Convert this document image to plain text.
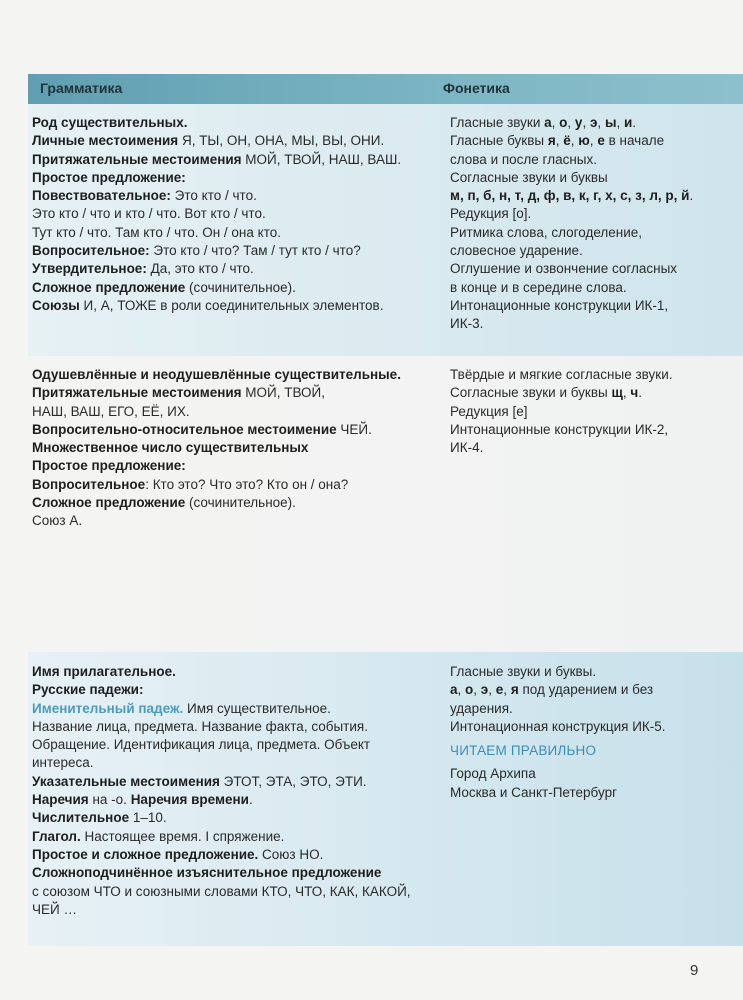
Грамматика	Фонетика

Род существительных.

Личные местоимения Я, ТЫ, ОН, ОНА, МЫ, ВЫ, ОНИ.

Притяжательные местоимения МОЙ, ТВОЙ, НАШ, ВАШ.

Простое предложение:

Повествовательное: Это кто / что.

Это кто / что и кто / что. Вот кто / что.

Тут кто / что. Там кто / что. Он / она кто.

Вопросительное: Это кто / что? Там / тут кто / что?

Утвердительное: Да, это кто / что.

Сложное предложение (сочинительное).

Союзы И, А, ТОЖЕ в роли соединительных элементов.

Гласные звуки а, о, у, э, ы, и.

Гласные буквы я, ё, ю, е в начале

слова и после гласных.

Согласные звуки и буквы

м, п, б, н, т, д, ф, в, к, г, х, с, з, л, р, й.

Редукция [о].

Ритмика слова, слогоделение,

словесное ударение.

Оглушение и озвончение согласных

в конце и в середине слова.

Интонационные конструкции ИК-1,

ИК-3.

Одушевлённые и неодушевлённые существительные.

Притяжательные местоимения МОЙ, ТВОЙ,

НАШ, ВАШ, ЕГО, ЕЁ, ИХ.

Вопросительно-относительное местоимение ЧЕЙ.

Множественное число существительных

Простое предложение:

Вопросительное: Кто это? Что это? Кто он / она?

Сложное предложение (сочинительное).

Союз А.

Твёрдые и мягкие согласные звуки.

Согласные звуки и буквы щ, ч.

Редукция [е]

Интонационные конструкции ИК-2,

ИК-4.

Имя прилагательное.

Русские падежи:

Именительный падеж. Имя существительное.

Название лица, предмета. Название факта, события.

Обращение. Идентификация лица, предмета. Объект

интереса.

Указательные местоимения ЭТОТ, ЭТА, ЭТО, ЭТИ.

Наречия на -о. Наречия времени.

Числительное 1–10.

Глагол. Настоящее время. I спряжение.

Простое и сложное предложение. Союз НО.

Сложноподчинённое изъяснительное предложение

с союзом ЧТО и союзными словами КТО, ЧТО, КАК, КАКОЙ,

ЧЕЙ …

Гласные звуки и буквы.

а, о, э, е, я под ударением и без

ударения.

Интонационная конструкция ИК-5.

ЧИТАЕМ ПРАВИЛЬНО

Город Архипа

Москва и Санкт-Петербург

9
